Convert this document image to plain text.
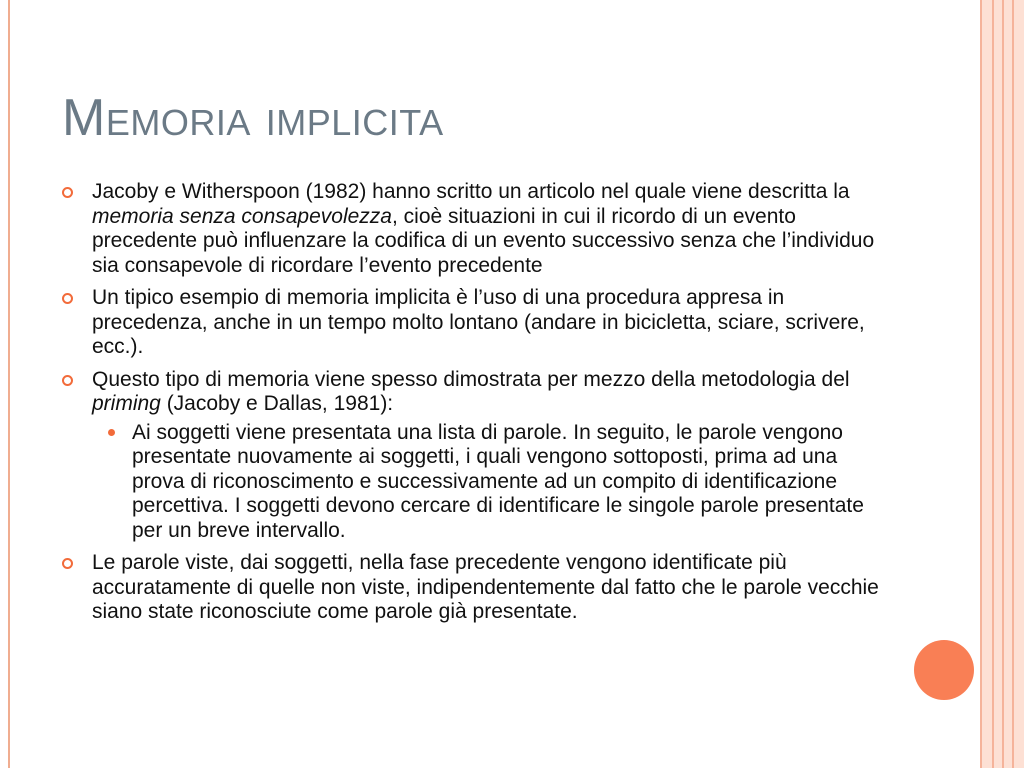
Memoria implicita

Jacoby e Witherspoon (1982) hanno scritto un articolo nel quale viene descritta la memoria senza consapevolezza, cioè situazioni in cui il ricordo di un evento precedente può influenzare la codifica di un evento successivo senza che l’individuo sia consapevole di ricordare l’evento precedente

Un tipico esempio di memoria implicita è l’uso di una procedura appresa in precedenza, anche in un tempo molto lontano (andare in bicicletta, sciare, scrivere, ecc.).

Questo tipo di memoria viene spesso dimostrata per mezzo della metodologia del priming (Jacoby e Dallas, 1981):

Ai soggetti viene presentata una lista di parole. In seguito, le parole vengono presentate nuovamente ai soggetti, i quali vengono sottoposti, prima ad una prova di riconoscimento e successivamente ad un compito di identificazione percettiva. I soggetti devono cercare di identificare le singole parole presentate per un breve intervallo.

Le parole viste, dai soggetti, nella fase precedente vengono identificate più accuratamente di quelle non viste, indipendentemente dal fatto che le parole vecchie siano state riconosciute come parole già presentate.
